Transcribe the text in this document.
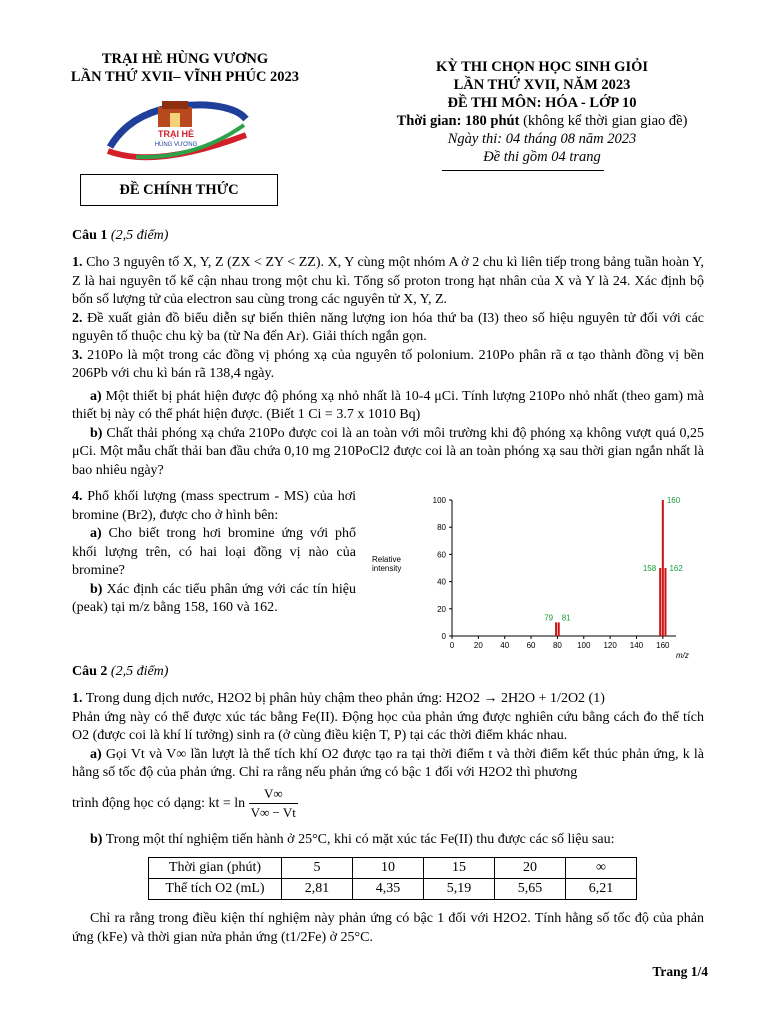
TRẠI HÈ HÙNG VƯƠNG
LẦN THỨ XVII– VĨNH PHÚC 2023
TRẠI HÈ
HÙNG VƯƠNG
ĐỀ CHÍNH THỨC
KỲ THI CHỌN HỌC SINH GIỎI
LẦN THỨ XVII, NĂM 2023
ĐỀ THI MÔN: HÓA - LỚP 10
Thời gian: 180 phút (không kể thời gian giao đề)
Ngày thi: 04 tháng 08 năm 2023
Đề thi gồm 04 trang
Câu 1 (2,5 điểm)
1. Cho 3 nguyên tố X, Y, Z (ZX < ZY < ZZ). X, Y cùng một nhóm A ở 2 chu kì liên tiếp trong bảng tuần hoàn Y, Z là hai nguyên tố kế cận nhau trong một chu kì. Tổng số proton trong hạt nhân của X và Y là 24. Xác định bộ bốn số lượng tử của electron sau cùng trong các nguyên tử X, Y, Z.
2. Đề xuất giản đồ biểu diễn sự biến thiên năng lượng ion hóa thứ ba (I3) theo số hiệu nguyên tử đối với các nguyên tố thuộc chu kỳ ba (từ Na đến Ar). Giải thích ngắn gọn.
3. 210Po là một trong các đồng vị phóng xạ của nguyên tố polonium. 210Po phân rã α tạo thành đồng vị bền 206Pb với chu kì bán rã 138,4 ngày.
a) Một thiết bị phát hiện được độ phóng xạ nhỏ nhất là 10-4 μCi. Tính lượng 210Po nhỏ nhất (theo gam) mà thiết bị này có thể phát hiện được. (Biết 1 Ci = 3.7 x 1010 Bq)
b) Chất thải phóng xạ chứa 210Po được coi là an toàn với môi trường khi độ phóng xạ không vượt quá 0,25 μCi. Một mẫu chất thải ban đầu chứa 0,10 mg 210PoCl2 được coi là an toàn phóng xạ sau thời gian ngắn nhất là bao nhiêu ngày?
4. Phổ khối lượng (mass spectrum - MS) của hơi bromine (Br2), được cho ở hình bên:
a) Cho biết trong hơi bromine ứng với phổ khối lượng trên, có hai loại đồng vị nào của bromine?
b) Xác định các tiểu phân ứng với các tín hiệu (peak) tại m/z bằng 158, 160 và 162.
0
20
40
60
80
100
0 20 40 60 80 100 120 140 160
79 81
158
160
162
Relative
intensity
m/z
Câu 2 (2,5 điểm)
1. Trong dung dịch nước, H2O2 bị phân hủy chậm theo phản ứng: H2O2 → 2H2O + 1/2O2 (1)
Phản ứng này có thể được xúc tác bằng Fe(II). Động học của phản ứng được nghiên cứu bằng cách đo thể tích O2 (được coi là khí lí tưởng) sinh ra (ở cùng điều kiện T, P) tại các thời điểm khác nhau.
a) Gọi Vt và V∞ lần lượt là thể tích khí O2 được tạo ra tại thời điểm t và thời điểm kết thúc phản ứng, k là hằng số tốc độ của phản ứng. Chỉ ra rằng nếu phản ứng có bậc 1 đối với H2O2 thì phương
trình động học có dạng: kt = $\ln \frac{V\infty}{V\infty - Vt}$
b) Trong một thí nghiệm tiến hành ở 25°C, khi có mặt xúc tác Fe(II) thu được các số liệu sau:
Thời gian (phút)	5	10	15	20	∞
Thể tích O2 (mL)	2,81	4,35	5,19	5,65	6,21
Chỉ ra rằng trong điều kiện thí nghiệm này phản ứng có bậc 1 đối với H2O2. Tính hằng số tốc độ của phản ứng (kFe) và thời gian nửa phản ứng (t1/2Fe) ở 25°C.
Trang 1/4
